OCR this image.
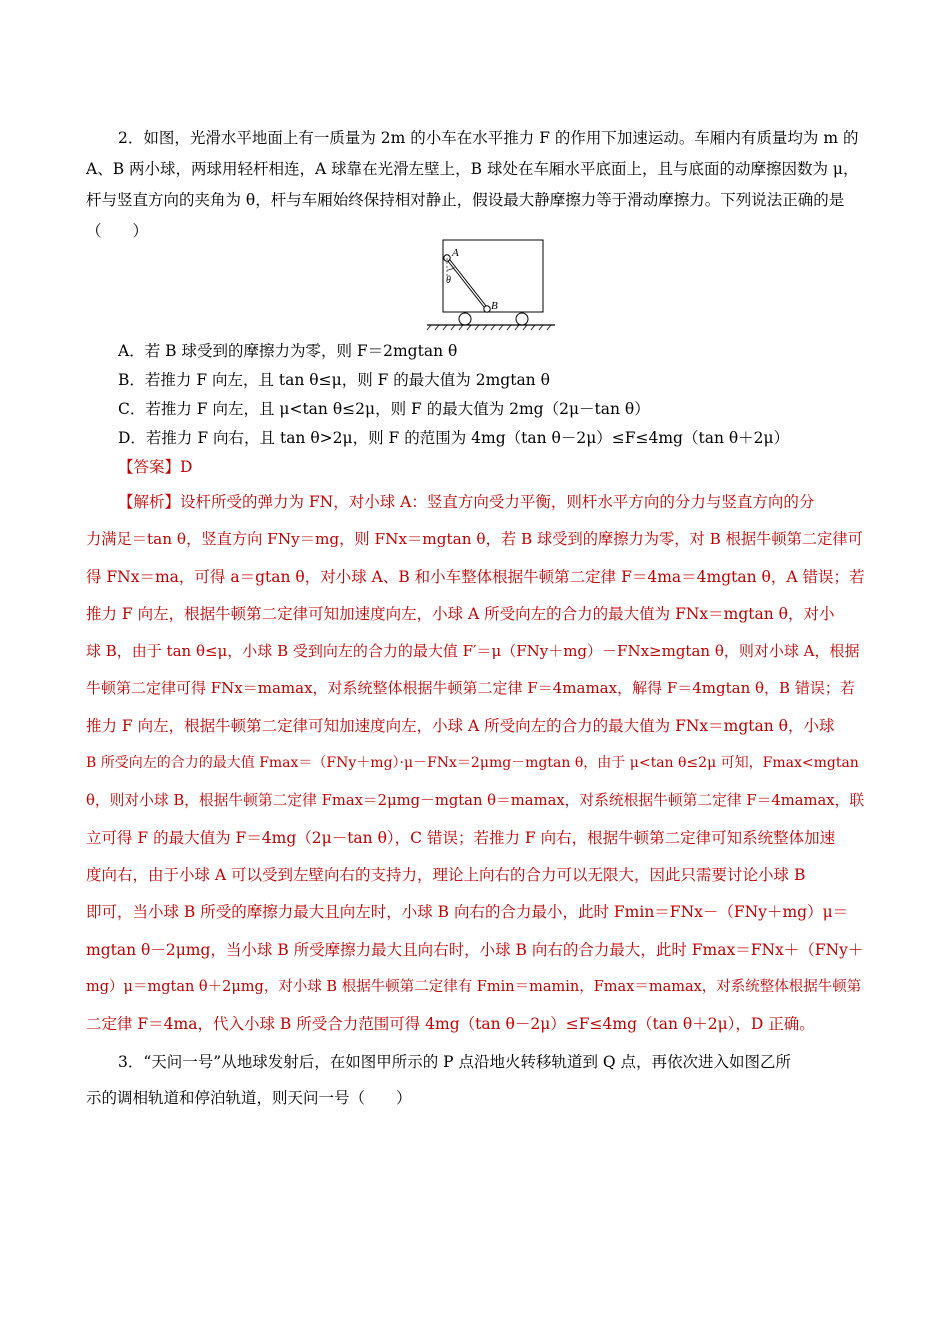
2．如图，光滑水平地面上有一质量为 2m 的小车在水平推力 F 的作用下加速运动。车厢内有质量均为 m 的
A、B 两小球，两球用轻杆相连，A 球靠在光滑左壁上，B 球处在车厢水平底面上，且与底面的动摩擦因数为 μ，
杆与竖直方向的夹角为 θ，杆与车厢始终保持相对静止，假设最大静摩擦力等于滑动摩擦力。下列说法正确的是
（　　）
A
θ
B
A．若 B 球受到的摩擦力为零，则 F＝2mgtan θ
B．若推力 F 向左，且 tan θ≤μ，则 F 的最大值为 2mgtan θ
C．若推力 F 向左，且 μ<tan θ≤2μ，则 F 的最大值为 2mg（2μ－tan θ）
D．若推力 F 向右，且 tan θ>2μ，则 F 的范围为 4mg（tan θ－2μ）≤F≤4mg（tan θ＋2μ）
【答案】D
【解析】设杆所受的弹力为 FN，对小球 A：竖直方向受力平衡，则杆水平方向的分力与竖直方向的分
力满足＝tan θ，竖直方向 FNy＝mg，则 FNx＝mgtan θ，若 B 球受到的摩擦力为零，对 B 根据牛顿第二定律可
得 FNx＝ma，可得 a＝gtan θ，对小球 A、B 和小车整体根据牛顿第二定律 F＝4ma＝4mgtan θ，A 错误；若
推力 F 向左，根据牛顿第二定律可知加速度向左，小球 A 所受向左的合力的最大值为 FNx＝mgtan θ，对小
球 B，由于 tan θ≤μ，小球 B 受到向左的合力的最大值 F′＝μ（FNy＋mg）－FNx≥mgtan θ，则对小球 A，根据
牛顿第二定律可得 FNx＝mamax，对系统整体根据牛顿第二定律 F＝4mamax，解得 F＝4mgtan θ，B 错误；若
推力 F 向左，根据牛顿第二定律可知加速度向左，小球 A 所受向左的合力的最大值为 FNx＝mgtan θ，小球
B 所受向左的合力的最大值 Fmax＝（FNy＋mg）·μ－FNx＝2μmg－mgtan θ，由于 μ<tan θ≤2μ 可知，Fmax<mgtan
θ，则对小球 B，根据牛顿第二定律 Fmax＝2μmg－mgtan θ＝mamax，对系统根据牛顿第二定律 F＝4mamax，联
立可得 F 的最大值为 F＝4mg（2μ－tan θ），C 错误；若推力 F 向右，根据牛顿第二定律可知系统整体加速
度向右，由于小球 A 可以受到左壁向右的支持力，理论上向右的合力可以无限大，因此只需要讨论小球 B
即可，当小球 B 所受的摩擦力最大且向左时，小球 B 向右的合力最小，此时 Fmin＝FNx－（FNy＋mg）μ＝
mgtan θ－2μmg，当小球 B 所受摩擦力最大且向右时，小球 B 向右的合力最大，此时 Fmax＝FNx＋（FNy＋
mg）μ＝mgtan θ＋2μmg，对小球 B 根据牛顿第二定律有 Fmin＝mamin，Fmax＝mamax，对系统整体根据牛顿第
二定律 F＝4ma，代入小球 B 所受合力范围可得 4mg（tan θ－2μ）≤F≤4mg（tan θ＋2μ），D 正确。
3．“天问一号”从地球发射后，在如图甲所示的 P 点沿地火转移轨道到 Q 点，再依次进入如图乙所
示的调相轨道和停泊轨道，则天问一号（　　）
